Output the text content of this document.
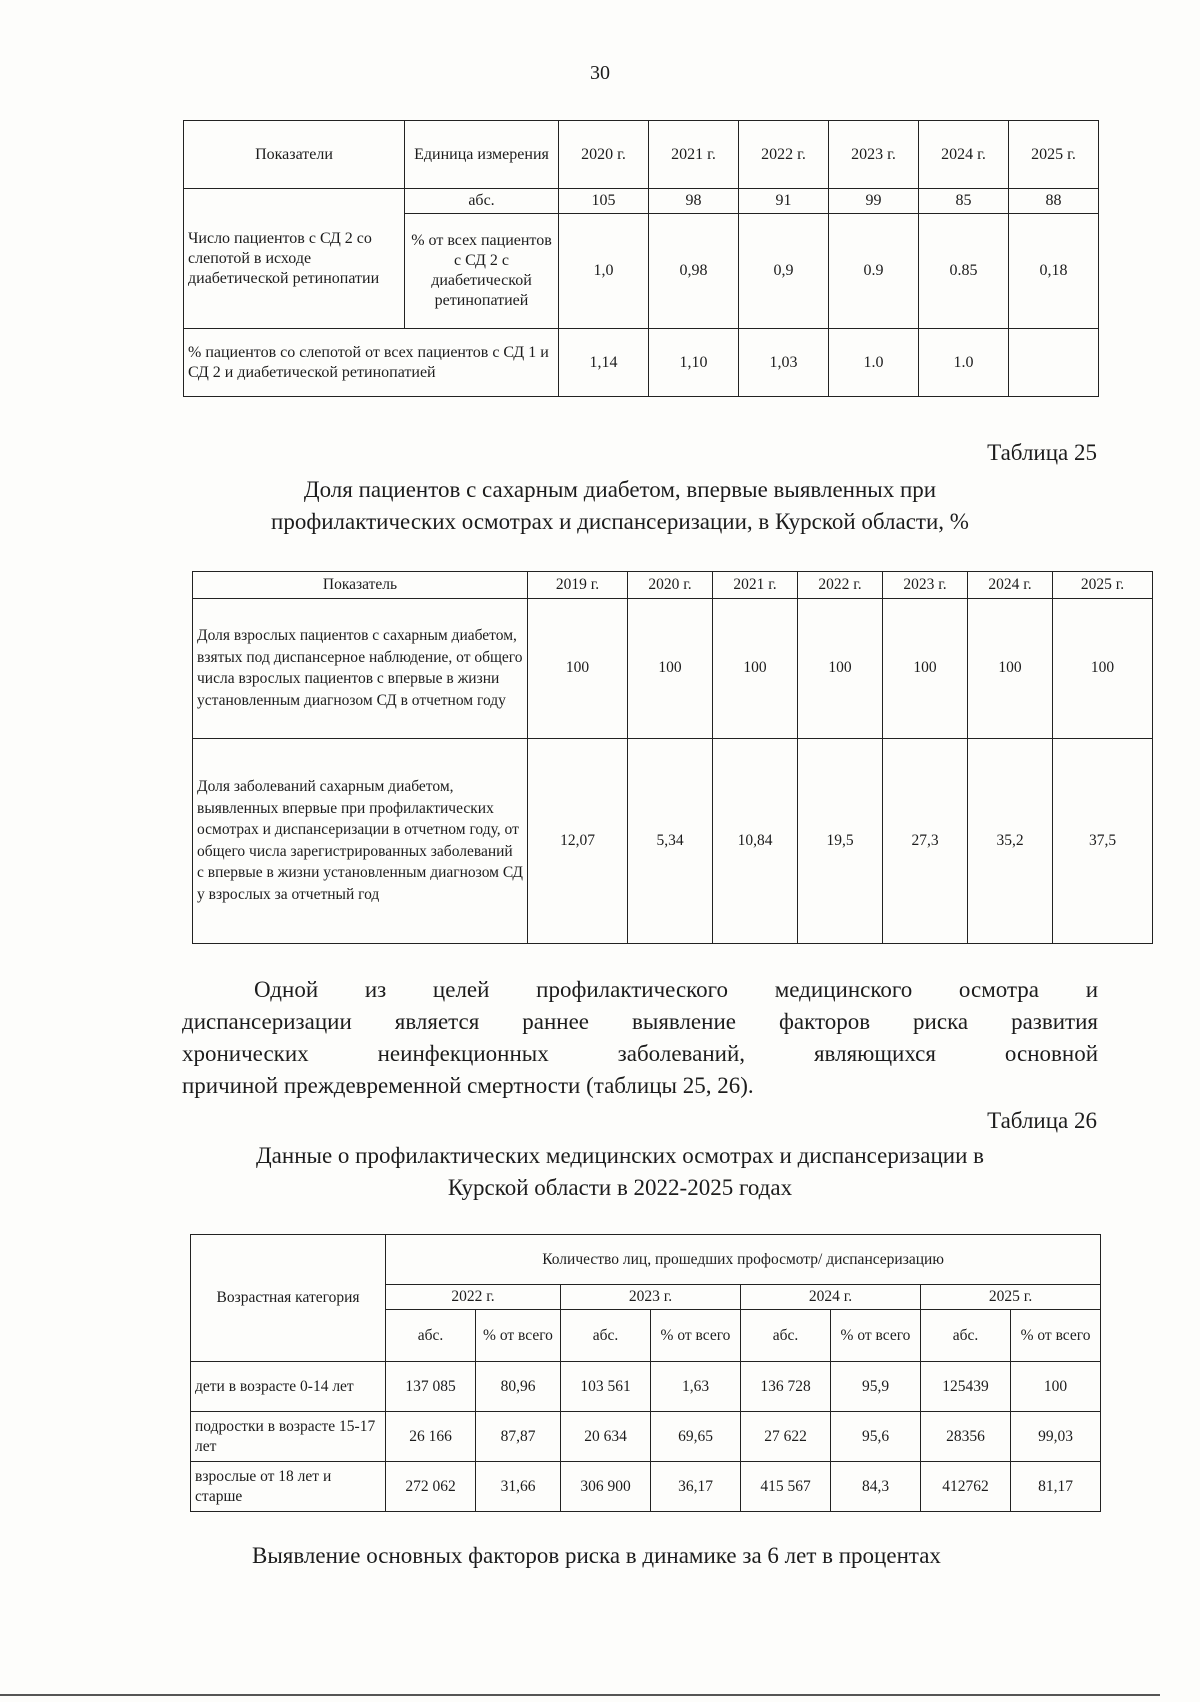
30
Показатели	Единица измерения	2020 г.	2021 г.	2022 г.	2023 г.	2024 г.	2025 г.
Число пациентов с СД 2 со слепотой в исходе диабетической ретинопатии	абс.	105	98	91	99	85	88
	% от всех пациентов с СД 2 с диабетической ретинопатией	1,0	0,98	0,9	0.9	0.85	0,18
% пациентов со слепотой от всех пациентов с СД 1 и СД 2 и диабетической ретинопатией		1,14	1,10	1,03	1.0	1.0	
Таблица 25
Доля пациентов с сахарным диабетом, впервые выявленных при
профилактических осмотрах и диспансеризации, в Курской области, %
Показатель	2019 г.	2020 г.	2021 г.	2022 г.	2023 г.	2024 г.	2025 г.
Доля взрослых пациентов с сахарным диабетом, взятых под диспансерное наблюдение, от общего числа взрослых пациентов с впервые в жизни установленным диагнозом СД в отчетном году	100	100	100	100	100	100	100
Доля заболеваний сахарным диабетом, выявленных впервые при профилактических осмотрах и диспансеризации в отчетном году, от общего числа зарегистрированных заболеваний с впервые в жизни установленным диагнозом СД у взрослых за отчетный год	12,07	5,34	10,84	19,5	27,3	35,2	37,5
Одной из целей профилактического медицинского осмотра и
диспансеризации является раннее выявление факторов риска развития
хронических неинфекционных заболеваний, являющихся основной
причиной преждевременной смертности (таблицы 25, 26).
Таблица 26
Данные о профилактических медицинских осмотрах и диспансеризации в
Курской области в 2022-2025 годах
Возрастная категория	Количество лиц, прошедших профосмотр/ диспансеризацию							
	2022 г.		2023 г.		2024 г.		2025 г.	
	абс.	% от всего	абс.	% от всего	абс.	% от всего	абс.	% от всего
дети в возрасте 0-14 лет	137 085	80,96	103 561	1,63	136 728	95,9	125439	100
подростки в возрасте 15-17 лет	26 166	87,87	20 634	69,65	27 622	95,6	28356	99,03
взрослые от 18 лет и старше	272 062	31,66	306 900	36,17	415 567	84,3	412762	81,17
Выявление основных факторов риска в динамике за 6 лет в процентах
